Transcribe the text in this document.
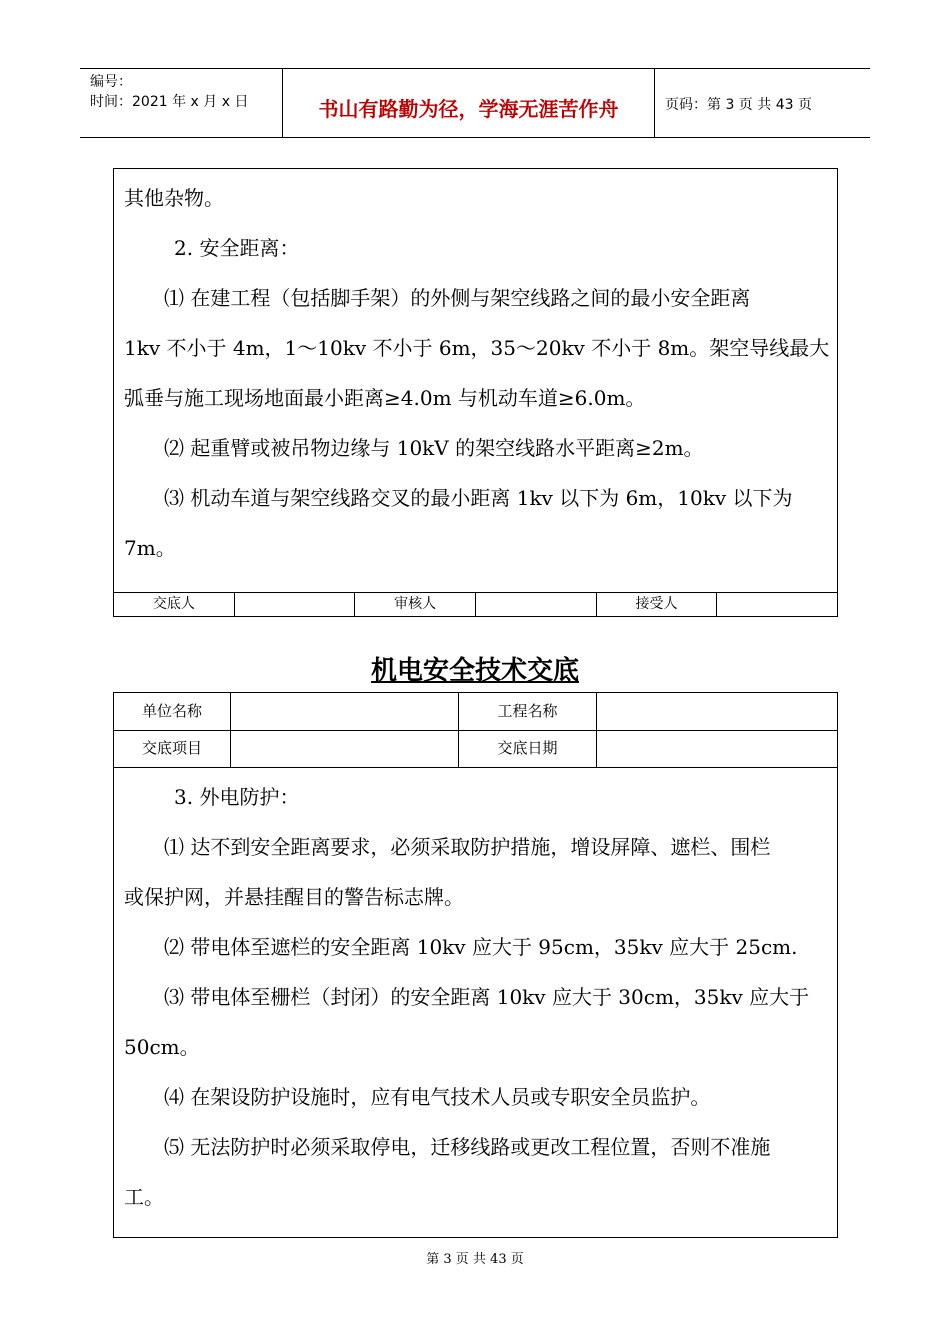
编号：
时间：2021 年 x 月 x 日	书山有路勤为径，学海无涯苦作舟	页码：第 3 页 共 43 页

其他杂物。

2. 安全距离：

⑴ 在建工程（包括脚手架）的外侧与架空线路之间的最小安全距离

1kv 不小于 4m，1～10kv 不小于 6m，35～20kv 不小于 8m。架空导线最大

弧垂与施工现场地面最小距离≥4.0m 与机动车道≥6.0m。

⑵ 起重臂或被吊物边缘与 10kV 的架空线路水平距离≥2m。

⑶ 机动车道与架空线路交叉的最小距离 1kv 以下为 6m，10kv 以下为

7m。

交底人	审核人	接受人
机电安全技术交底
单位名称	工程名称
交底项目	交底日期

3. 外电防护：

⑴ 达不到安全距离要求，必须采取防护措施，增设屏障、遮栏、围栏

或保护网，并悬挂醒目的警告标志牌。

⑵ 带电体至遮栏的安全距离 10kv 应大于 95cm，35kv 应大于 25cm.

⑶ 带电体至栅栏（封闭）的安全距离 10kv 应大于 30cm，35kv 应大于

50cm。

⑷ 在架设防护设施时，应有电气技术人员或专职安全员监护。

⑸ 无法防护时必须采取停电，迁移线路或更改工程位置，否则不准施

工。

第 3 页 共 43 页
